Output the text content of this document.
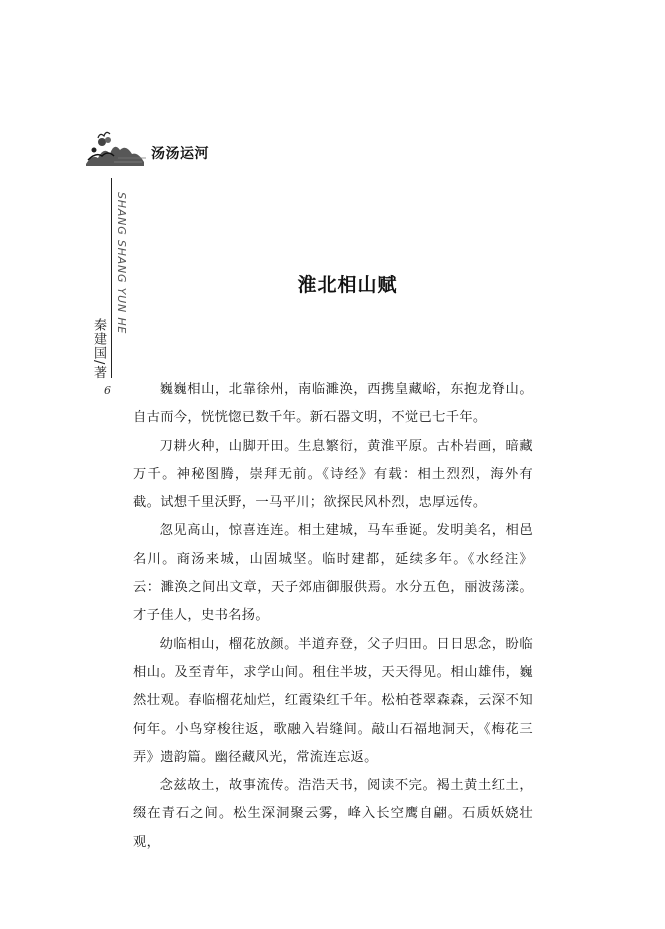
汤汤运河
SHANG SHANG YUN HE
秦建国/著
6
淮北相山赋

巍巍相山，北靠徐州，南临濉涣，西携皇藏峪，东抱龙脊山。自古而今，恍恍惚已数千年。新石器文明，不觉已七千年。

刀耕火种，山脚开田。生息繁衍，黄淮平原。古朴岩画，暗藏万千。神秘图腾，崇拜无前。《诗经》有载：相土烈烈，海外有截。试想千里沃野，一马平川；欲探民风朴烈，忠厚远传。

忽见高山，惊喜连连。相土建城，马车垂诞。发明美名，相邑名川。商汤来城，山固城坚。临时建都，延续多年。《水经注》云：濉涣之间出文章，天子郊庙御服供焉。水分五色，丽波荡漾。才子佳人，史书名扬。

幼临相山，榴花放颜。半道弃登，父子归田。日日思念，盼临相山。及至青年，求学山间。租住半坡，天天得见。相山雄伟，巍然壮观。春临榴花灿烂，红霞染红千年。松柏苍翠森森，云深不知何年。小鸟穿梭往返，歌融入岩缝间。敲山石福地洞天，《梅花三弄》遗韵篇。幽径藏风光，常流连忘返。

念兹故土，故事流传。浩浩天书，阅读不完。褐土黄土红土，缀在青石之间。松生深洞聚云雾，峰入长空鹰自翩。石质妖娆壮观，
